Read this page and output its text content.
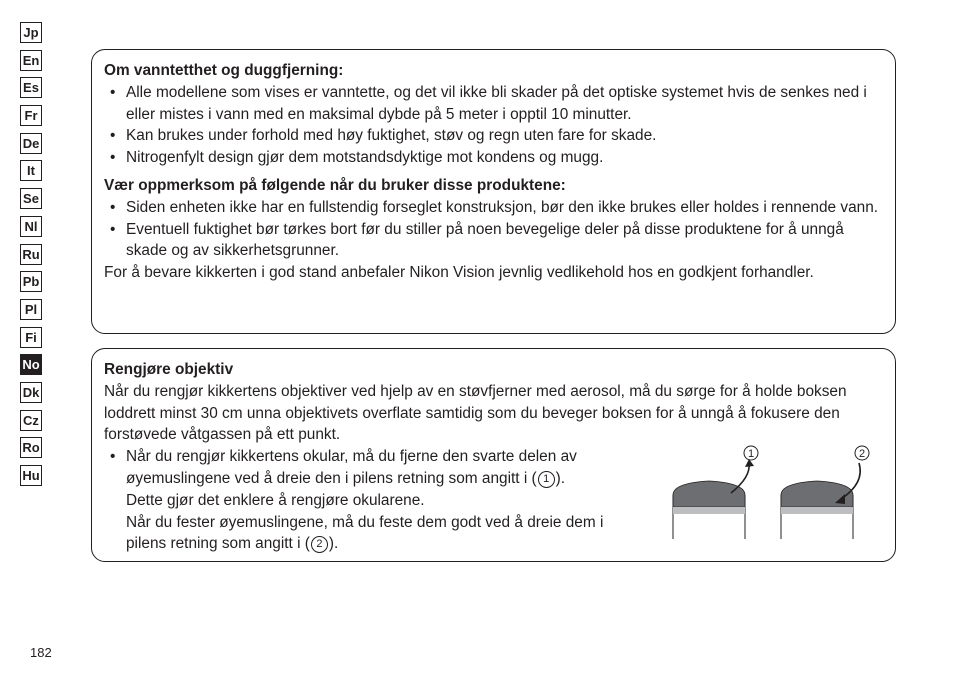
Jp
En
Es
Fr
De
It
Se
Nl
Ru
Pb
Pl
Fi
No
Dk
Cz
Ro
Hu

Om vanntetthet og duggfjerning:

• Alle modellene som vises er vanntette, og det vil ikke bli skader på det optiske systemet hvis de senkes ned i eller mistes i vann med en maksimal dybde på 5 meter i opptil 10 minutter.
• Kan brukes under forhold med høy fuktighet, støv og regn uten fare for skade.
• Nitrogenfylt design gjør dem motstandsdyktige mot kondens og mugg.

Vær oppmerksom på følgende når du bruker disse produktene:

• Siden enheten ikke har en fullstendig forseglet konstruksjon, bør den ikke brukes eller holdes i rennende vann.
• Eventuell fuktighet bør tørkes bort før du stiller på noen bevegelige deler på disse produktene for å unngå skade og av sikkerhetsgrunner.

For å bevare kikkerten i god stand anbefaler Nikon Vision jevnlig vedlikehold hos en godkjent forhandler.

Rengjøre objektiv

Når du rengjør kikkertens objektiver ved hjelp av en støvfjerner med aerosol, må du sørge for å holde boksen loddrett minst 30 cm unna objektivets overflate samtidig som du beveger boksen for å unngå å fokusere den forstøvede våtgassen på ett punkt.

• Når du rengjør kikkertens okular, må du fjerne den svarte delen av øyemuslingene ved å dreie den i pilens retning som angitt i ( 1 ).
Dette gjør det enklere å rengjøre okularene.
Når du fester øyemuslingene, må du feste dem godt ved å dreie dem i pilens retning som angitt i ( 2 ).
1	2
182
